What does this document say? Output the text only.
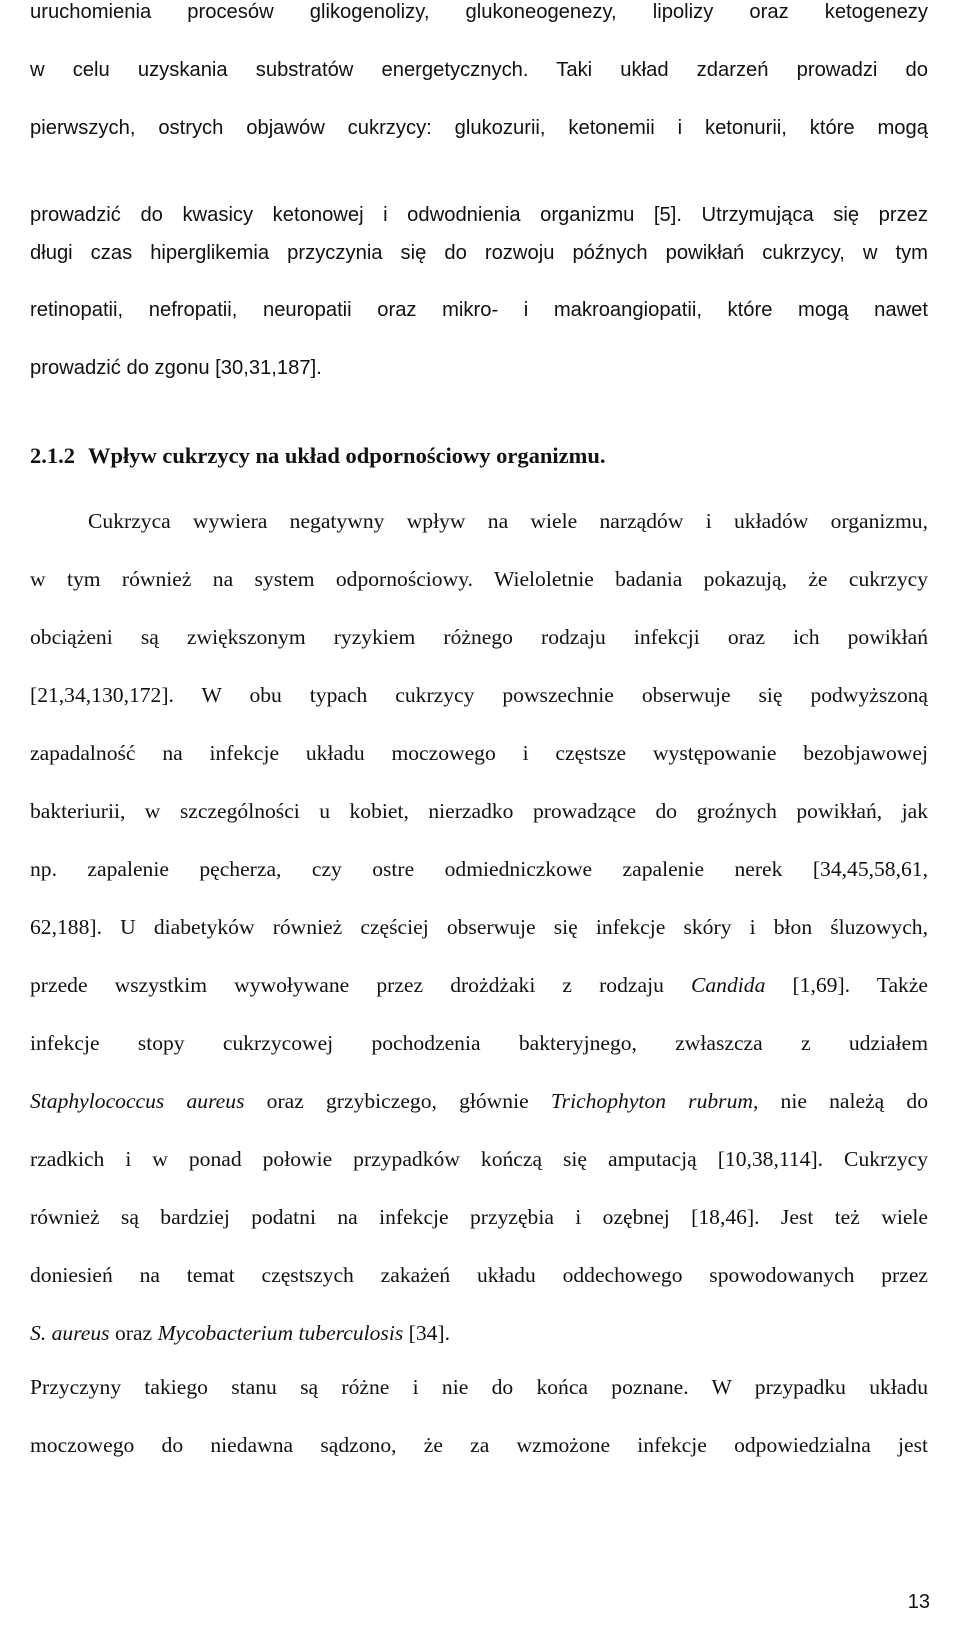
uruchomienia procesów glikogenolizy, glukoneogenezy, lipolizy oraz ketogenezy
w celu uzyskania substratów energetycznych. Taki układ zdarzeń prowadzi do
pierwszych, ostrych objawów cukrzycy: glukozurii, ketonemii i ketonurii, które mogą
prowadzić do kwasicy ketonowej i odwodnienia organizmu [5]. Utrzymująca się przez
długi czas hiperglikemia przyczynia się do rozwoju późnych powikłań cukrzycy, w tym
retinopatii, nefropatii, neuropatii oraz mikro- i makroangiopatii, które mogą nawet
prowadzić do zgonu [30,31,187].
2.1.2 Wpływ cukrzycy na układ odpornościowy organizmu.
Cukrzyca wywiera negatywny wpływ na wiele narządów i układów organizmu,
w tym również na system odpornościowy. Wieloletnie badania pokazują, że cukrzycy
obciążeni są zwiększonym ryzykiem różnego rodzaju infekcji oraz ich powikłań
[21,34,130,172]. W obu typach cukrzycy powszechnie obserwuje się podwyższoną
zapadalność na infekcje układu moczowego i częstsze występowanie bezobjawowej
bakteriurii, w szczególności u kobiet, nierzadko prowadzące do groźnych powikłań, jak
np. zapalenie pęcherza, czy ostre odmiedniczkowe zapalenie nerek [34,45,58,61,
62,188]. U diabetyków również częściej obserwuje się infekcje skóry i błon śluzowych,
przede wszystkim wywoływane przez drożdżaki z rodzaju Candida [1,69]. Także
infekcje stopy cukrzycowej pochodzenia bakteryjnego, zwłaszcza z udziałem
Staphylococcus aureus oraz grzybiczego, głównie Trichophyton rubrum, nie należą do
rzadkich i w ponad połowie przypadków kończą się amputacją [10,38,114]. Cukrzycy
również są bardziej podatni na infekcje przyzębia i ozębnej [18,46]. Jest też wiele
doniesień na temat częstszych zakażeń układu oddechowego spowodowanych przez
S. aureus oraz Mycobacterium tuberculosis [34].
Przyczyny takiego stanu są różne i nie do końca poznane. W przypadku układu
moczowego do niedawna sądzono, że za wzmożone infekcje odpowiedzialna jest
13
